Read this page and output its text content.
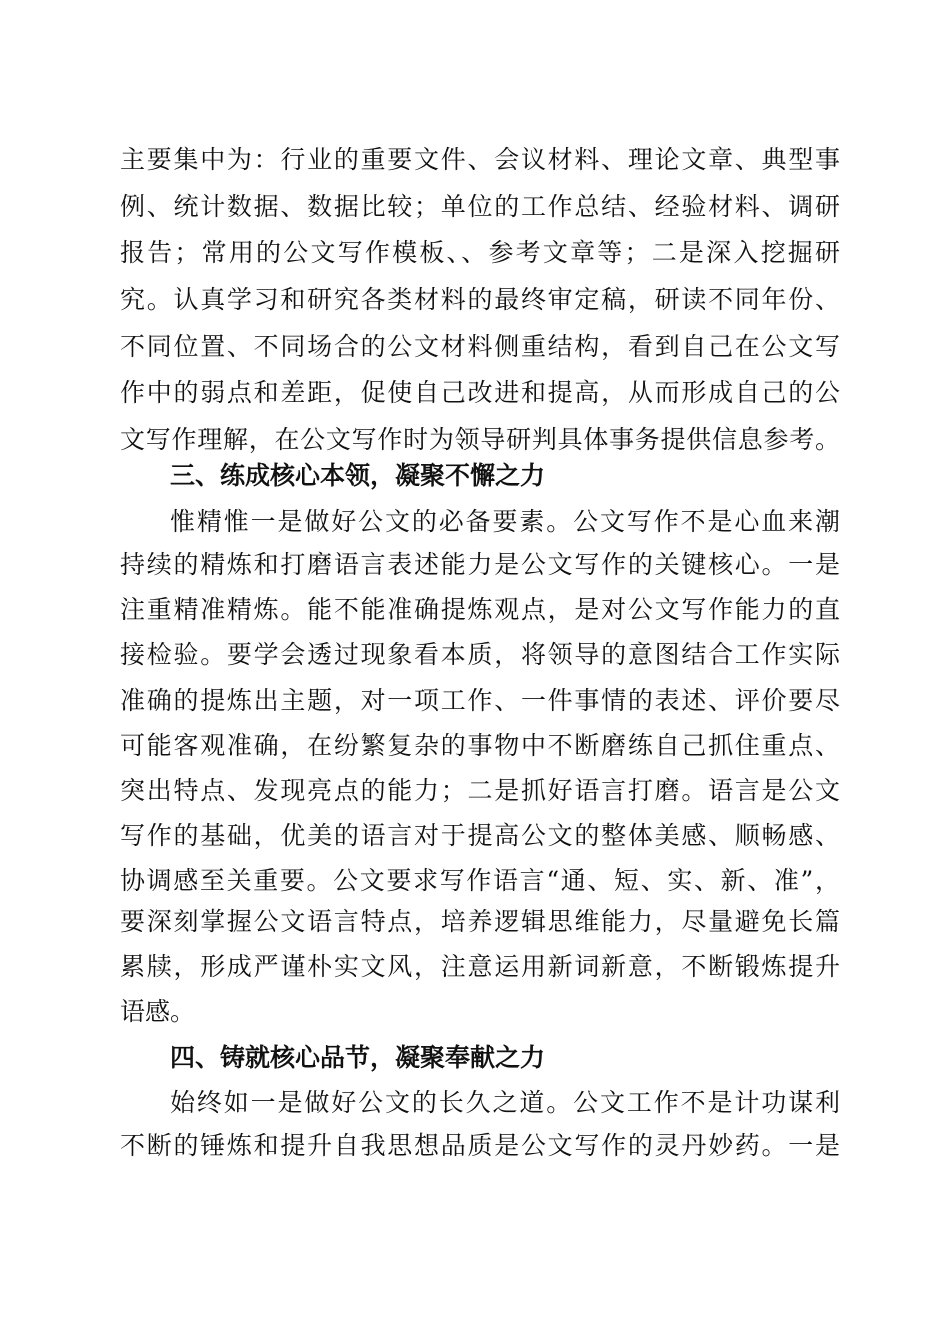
主要集中为：行业的重要文件、会议材料、理论文章、典型事
例、统计数据、数据比较；单位的工作总结、经验材料、调研
报告；常用的公文写作模板、、参考文章等；二是深入挖掘研
究。认真学习和研究各类材料的最终审定稿，研读不同年份、
不同位置、不同场合的公文材料侧重结构，看到自己在公文写
作中的弱点和差距，促使自己改进和提高，从而形成自己的公
文写作理解，在公文写作时为领导研判具体事务提供信息参考。
三、练成核心本领，凝聚不懈之力
惟精惟一是做好公文的必备要素。公文写作不是心血来潮
持续的精炼和打磨语言表述能力是公文写作的关键核心。一是
注重精准精炼。能不能准确提炼观点，是对公文写作能力的直
接检验。要学会透过现象看本质，将领导的意图结合工作实际
准确的提炼出主题，对一项工作、一件事情的表述、评价要尽
可能客观准确，在纷繁复杂的事物中不断磨练自己抓住重点、
突出特点、发现亮点的能力；二是抓好语言打磨。语言是公文
写作的基础，优美的语言对于提高公文的整体美感、顺畅感、
协调感至关重要。公文要求写作语言“通、短、实、新、准”，
要深刻掌握公文语言特点，培养逻辑思维能力，尽量避免长篇
累牍，形成严谨朴实文风，注意运用新词新意，不断锻炼提升
语感。
四、铸就核心品节，凝聚奉献之力
始终如一是做好公文的长久之道。公文工作不是计功谋利
不断的锤炼和提升自我思想品质是公文写作的灵丹妙药。一是
